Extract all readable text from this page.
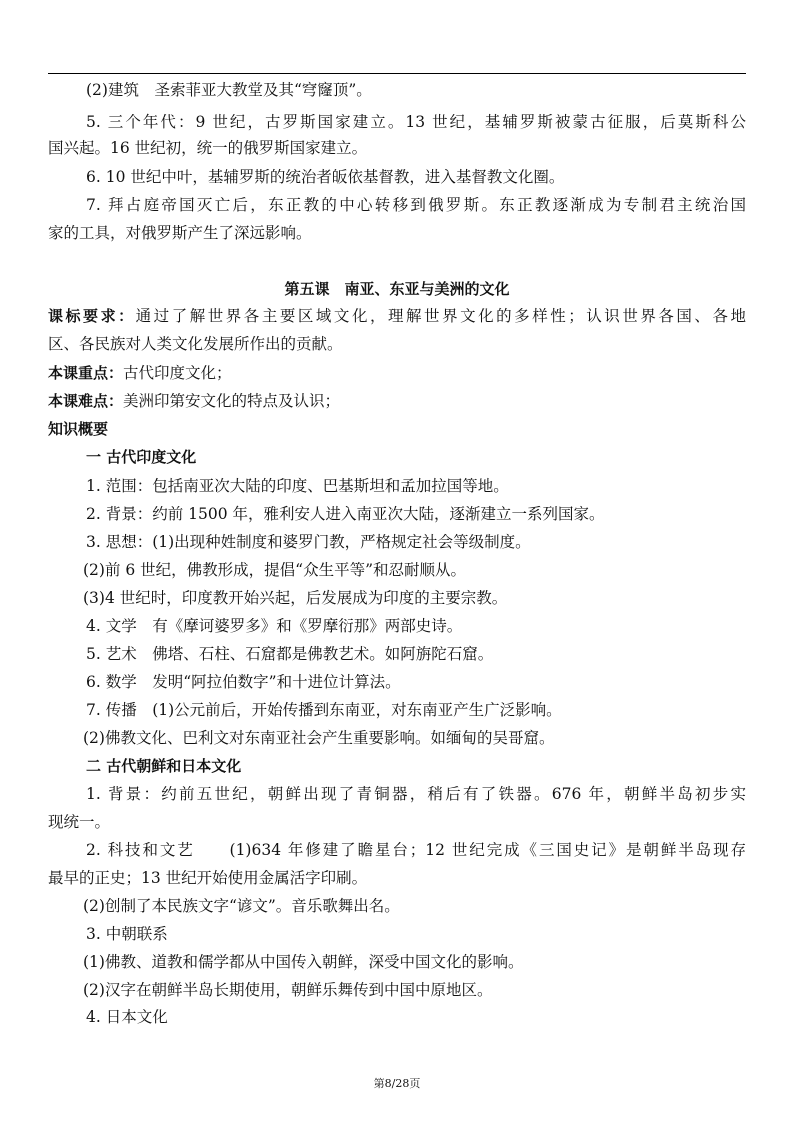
(2)建筑　圣索菲亚大教堂及其“穹窿顶”。
5. 三个年代：9 世纪，古罗斯国家建立。13 世纪，基辅罗斯被蒙古征服，后莫斯科公
国兴起。16 世纪初，统一的俄罗斯国家建立。
6. 10 世纪中叶，基辅罗斯的统治者皈依基督教，进入基督教文化圈。
7. 拜占庭帝国灭亡后，东正教的中心转移到俄罗斯。东正教逐渐成为专制君主统治国
家的工具，对俄罗斯产生了深远影响。
第五课　南亚、东亚与美洲的文化
课标要求：通过了解世界各主要区域文化，理解世界文化的多样性；认识世界各国、各地
区、各民族对人类文化发展所作出的贡献。
本课重点：古代印度文化；
本课难点：美洲印第安文化的特点及认识；
知识概要
一 古代印度文化
1. 范围：包括南亚次大陆的印度、巴基斯坦和孟加拉国等地。
2. 背景：约前 1500 年，雅利安人进入南亚次大陆，逐渐建立一系列国家。
3. 思想：(1)出现种姓制度和婆罗门教，严格规定社会等级制度。
(2)前 6 世纪，佛教形成，提倡“众生平等”和忍耐顺从。
(3)4 世纪时，印度教开始兴起，后发展成为印度的主要宗教。
4. 文学　有《摩诃婆罗多》和《罗摩衍那》两部史诗。
5. 艺术　佛塔、石柱、石窟都是佛教艺术。如阿旃陀石窟。
6. 数学　发明“阿拉伯数字”和十进位计算法。
7. 传播　(1)公元前后，开始传播到东南亚，对东南亚产生广泛影响。
(2)佛教文化、巴利文对东南亚社会产生重要影响。如缅甸的吴哥窟。
二 古代朝鲜和日本文化
1. 背景：约前五世纪，朝鲜出现了青铜器，稍后有了铁器。676 年，朝鲜半岛初步实
现统一。
2. 科技和文艺　　(1)634 年修建了瞻星台；12 世纪完成《三国史记》是朝鲜半岛现存
最早的正史；13 世纪开始使用金属活字印刷。
(2)创制了本民族文字“谚文”。音乐歌舞出名。
3. 中朝联系
(1)佛教、道教和儒学都从中国传入朝鲜，深受中国文化的影响。
(2)汉字在朝鲜半岛长期使用，朝鲜乐舞传到中国中原地区。
4. 日本文化
第8/28页
